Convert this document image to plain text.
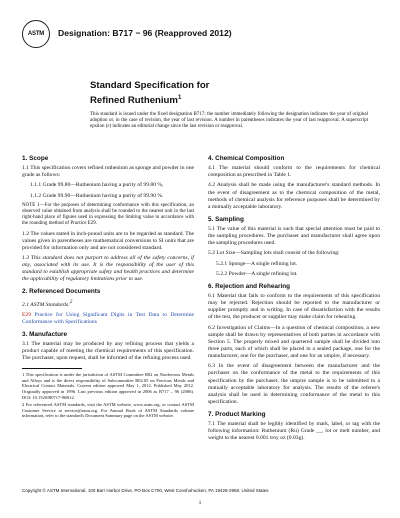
ASTM Designation: B717 − 96 (Reapproved 2012)
Standard Specification for
Refined Ruthenium$^1$
This standard is issued under the fixed designation B717; the number immediately following the designation indicates the year of original adoption or, in the case of revision, the year of last revision. A number in parentheses indicates the year of last reapproval. A superscript epsilon (ε) indicates an editorial change since the last revision or reapproval.
1. Scope

1.1 This specification covers refined ruthenium as sponge and powder in one grade as follows:

1.1.1 Grade 99.80—Ruthenium having a purity of 99.80 %,

1.1.2 Grade 99.90—Ruthenium having a purity of 99.90 %.

NOTE 1—For the purposes of determining conformance with this specification, an observed value obtained from analysis shall be rounded to the nearest unit in the last right-hand place of figures used in expressing the limiting value in accordance with the rounding method of Practice E29.

1.2 The values stated in inch-pound units are to be regarded as standard. The values given in parentheses are mathematical conversions to SI units that are provided for information only and are not considered standard.

1.3 This standard does not purport to address all of the safety concerns, if any, associated with its use. It is the responsibility of the user of this standard to establish appropriate safety and health practices and determine the applicability of regulatory limitations prior to use.

2. Referenced Documents

2.1 ASTM Standards:$^2$

E29 Practice for Using Significant Digits in Test Data to Determine Conformance with Specifications

3. Manufacture

3.1 The material may be produced by any refining process that yields a product capable of meeting the chemical requirements of this specification. The purchaser, upon request, shall be informed of the refining process used.

1 This specification is under the jurisdiction of ASTM Committee B02 on Nonferrous Metals and Alloys and is the direct responsibility of Subcommittee B02.05 on Precious Metals and Electrical Contact Materials. Current edition approved May 1, 2012. Published May 2012. Originally approved in 1996. Last previous edition approved in 2006 as B717 – 96 (2006). DOI: 10.1520/B0717-96R12.

2 For referenced ASTM standards, visit the ASTM website, www.astm.org, or contact ASTM Customer Service at service@astm.org. For Annual Book of ASTM Standards volume information, refer to the standard's Document Summary page on the ASTM website.

4. Chemical Composition

4.1 The material should conform to the requirements for chemical composition as prescribed in Table 1.

4.2 Analysis shall be made using the manufacturer's standard methods. In the event of disagreement as to the chemical composition of the metal, methods of chemical analysis for reference purposes shall be determined by a mutually acceptable laboratory.

5. Sampling

5.1 The value of this material is such that special attention must be paid to the sampling procedures. The purchaser and manufacturer shall agree upon the sampling procedures used.

5.2 Lot Size—Sampling lots shall consist of the following:

5.2.1 Sponge—A single refining lot.

5.2.2 Powder—A single refining lot.

6. Rejection and Rehearing

6.1 Material that fails to conform to the requirements of this specification may be rejected. Rejection should be reported to the manufacturer or supplier promptly and in writing. In case of dissatisfaction with the results of the test, the producer or supplier may make claim for rehearing.

6.2 Investigation of Claims—In a question of chemical composition, a new sample shall be drawn by representatives of both parties in accordance with Section 5. The properly mixed and quartered sample shall be divided into three parts, each of which shall be placed in a sealed package, one for the manufacturer, one for the purchaser, and one for an umpire, if necessary.

6.3 In the event of disagreement between the manufacturer and the purchaser on the conformance of the metal to the requirements of this specification by the purchaser, the umpire sample is to be submitted to a mutually acceptable laboratory for analysis. The results of the referee's analysis shall be used in determining conformance of the metal to this specification.

7. Product Marking

7.1 The material shall be legibly identified by mark, label, or tag with the following information: Ruthenium (Ru) Grade __, lot or melt number, and weight to the nearest 0.001 troy oz (0.03g).

Copyright © ASTM International, 100 Barr Harbor Drive, PO Box C700, West Conshohocken, PA 19428-2959. United States
1
